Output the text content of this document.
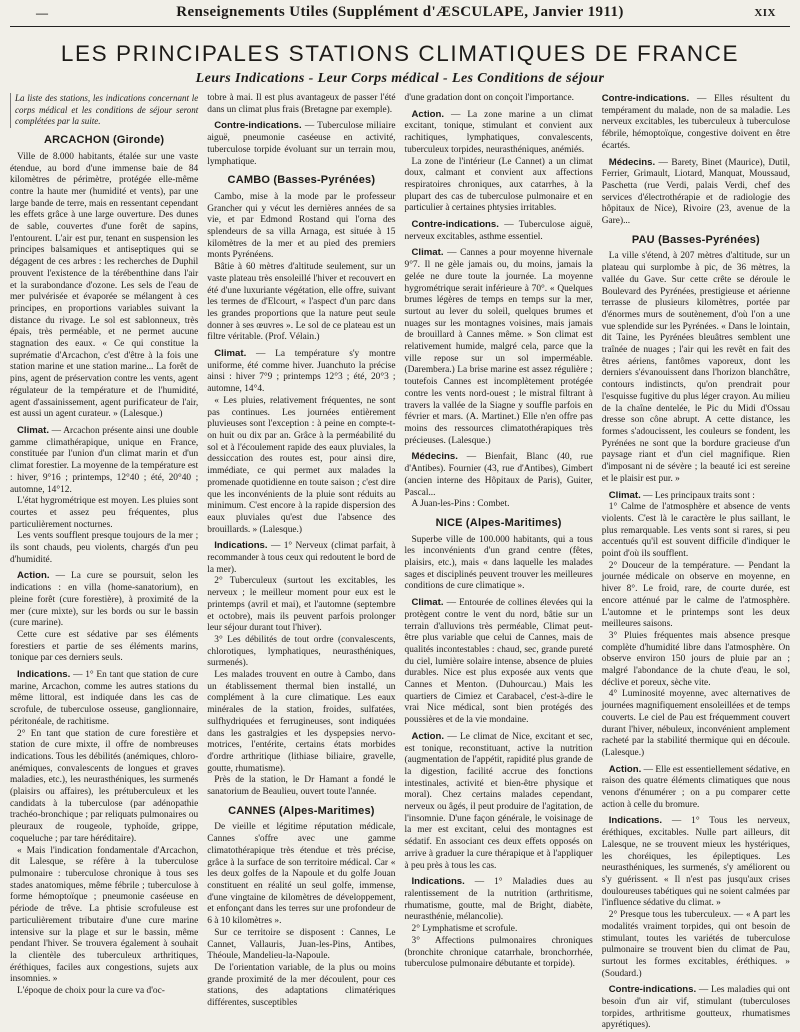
—	Renseignements Utiles (Supplément d'ÆSCULAPE, Janvier 1911)	XIX
LES PRINCIPALES STATIONS CLIMATIQUES DE FRANCE
Leurs Indications - Leur Corps médical - Les Conditions de séjour

La liste des stations, les indications concernant le corps médical et les conditions de séjour seront complétées par la suite.

ARCACHON (Gironde)

Ville de 8.000 habitants, étalée sur une vaste étendue, au bord d'une immense baie de 84 kilomètres de périmètre, protégée elle-même contre la haute mer (humidité et vents), par une large bande de terre, mais en ressentant cependant les effets grâce à une large ouverture. Des dunes de sable, couvertes d'une forêt de sapins, l'entourent. L'air est pur, tenant en suspension les principes balsamiques et antiseptiques qui se dégagent de ces arbres : les recherches de Duphil prouvent l'existence de la térébenthine dans l'air et la surabondance d'ozone. Les sels de l'eau de mer pulvérisée et évaporée se mélangent à ces principes, en proportions variables suivant la distance du rivage. Le sol est sablonneux, très épais, très perméable, et ne permet aucune stagnation des eaux. « Ce qui constitue la suprématie d'Arcachon, c'est d'être à la fois une station marine et une station marine... La forêt de pins, agent de préservation contre les vents, agent régulateur de la température et de l'humidité, agent d'assainissement, agent purificateur de l'air, est aussi un agent curateur. » (Lalesque.)

Climat. — Arcachon présente ainsi une double gamme climathérapique, unique en France, constituée par l'union d'un climat marin et d'un climat forestier. La moyenne de la température est : hiver, 9°16 ; printemps, 12°40 ; été, 20°40 ; automne, 14°12.

L'état hygrométrique est moyen. Les pluies sont courtes et assez peu fréquentes, plus particulièrement nocturnes.

Les vents soufflent presque toujours de la mer ; ils sont chauds, peu violents, chargés d'un peu d'humidité.

Action. — La cure se poursuit, selon les indications : en villa (home-sanatorium), en pleine forêt (cure forestière), à proximité de la mer (cure mixte), sur les bords ou sur le bassin (cure marine).

Cette cure est sédative par ses éléments forestiers et partie de ses éléments marins, tonique par ces derniers seuls.

Indications. — 1° En tant que station de cure marine, Arcachon, comme les autres stations du même littoral, est indiquée dans les cas de scrofule, de tuberculose osseuse, ganglionnaire, péritonéale, de rachitisme.

2° En tant que station de cure forestière et station de cure mixte, il offre de nombreuses indications. Tous les débilités (anémiques, chloro-anémiques, convalescents de longues et graves maladies, etc.), les neurasthéniques, les surmenés (plaisirs ou affaires), les prétuberculeux et les candidats à la tuberculose (par adénopathie trachéo-bronchique ; par reliquats pulmonaires ou pleuraux de rougeole, typhoïde, grippe, coqueluche ; par tare héréditaire).

« Mais l'indication fondamentale d'Arcachon, dit Lalesque, se réfère à la tuberculose pulmonaire : tuberculose chronique à tous ses stades anatomiques, même fébrile ; tuberculose à forme hémoptoïque ; pneumonie caséeuse en période de trêve. La phtisie scrofuleuse est particulièrement tributaire d'une cure marine intensive sur la plage et sur le bassin, même pendant l'hiver. Se trouvera également à souhait la clientèle des tuberculeux arthritiques, éréthiques, faciles aux congestions, sujets aux insomnies. »

L'époque de choix pour la cure va d'oc-

tobre à mai. Il est plus avantageux de passer l'été dans un climat plus frais (Bretagne par exemple).

Contre-indications. — Tuberculose miliaire aiguë, pneumonie caséeuse en activité, tuberculose torpide évoluant sur un terrain mou, lymphatique.

CAMBO (Basses-Pyrénées)

Cambo, mise à la mode par le professeur Grancher qui y vécut les dernières années de sa vie, et par Edmond Rostand qui l'orna des splendeurs de sa villa Arnaga, est située à 15 kilomètres de la mer et au pied des premiers monts Pyrénéens.

Bâtie à 60 mètres d'altitude seulement, sur un vaste plateau très ensoleillé l'hiver et recouvert en été d'une luxuriante végétation, elle offre, suivant les termes de d'Elcourt, « l'aspect d'un parc dans les grandes proportions que la nature peut seule donner à ses œuvres ». Le sol de ce plateau est un filtre véritable. (Prof. Vélain.)

Climat. — La température s'y montre uniforme, été comme hiver. Juanchuto la précise ainsi : hiver 7°9 ; printemps 12°3 ; été, 20°3 ; automne, 14°4.

« Les pluies, relativement fréquentes, ne sont pas continues. Les journées entièrement pluvieuses sont l'exception : à peine en compte-t-on huit ou dix par an. Grâce à la perméabilité du sol et à l'écoulement rapide des eaux pluviales, la dessiccation des routes est, pour ainsi dire, immédiate, ce qui permet aux malades la promenade quotidienne en toute saison ; c'est dire que les inconvénients de la pluie sont réduits au minimum. C'est encore à la rapide dispersion des eaux pluviales qu'est due l'absence des brouillards. » (Lalesque.)

Indications. — 1° Nerveux (climat parfait, à recommander à tous ceux qui redoutent le bord de la mer).

2° Tuberculeux (surtout les excitables, les nerveux ; le meilleur moment pour eux est le printemps (avril et mai), et l'automne (septembre et octobre), mais ils peuvent parfois prolonger leur séjour durant tout l'hiver).

3° Les débilités de tout ordre (convalescents, chlorotiques, lymphatiques, neurasthéniques, surmenés).

Les malades trouvent en outre à Cambo, dans un établissement thermal bien installé, un complément à la cure climatique. Les eaux minérales de la station, froides, sulfatées, sulfhydriquées et ferrugineuses, sont indiquées dans les gastralgies et les dyspepsies nervo-motrices, l'entérite, certains états morbides d'ordre arthritique (lithiase biliaire, gravelle, goutte, rhumatisme).

Près de la station, le Dr Hamant a fondé le sanatorium de Beaulieu, ouvert toute l'année.

CANNES (Alpes-Maritimes)

De vieille et légitime réputation médicale, Cannes s'offre avec une gamme climatothérapique très étendue et très précise, grâce à la surface de son territoire médical. Car « les deux golfes de la Napoule et du golfe Jouan constituent en réalité un seul golfe, immense, d'une vingtaine de kilomètres de développement, et enfonçant dans les terres sur une profondeur de 6 à 10 kilomètres ».

Sur ce territoire se disposent : Cannes, Le Cannet, Vallauris, Juan-les-Pins, Antibes, Théoule, Mandelieu-la-Napoule.

De l'orientation variable, de la plus ou moins grande proximité de la mer découlent, pour ces stations, des adaptations climatériques différentes, susceptibles

d'une gradation dont on conçoit l'importance.

Action. — La zone marine a un climat excitant, tonique, stimulant et convient aux rachitiques, lymphatiques, convalescents, tuberculeux torpides, neurasthéniques, anémiés.

La zone de l'intérieur (Le Cannet) a un climat doux, calmant et convient aux affections respiratoires chroniques, aux catarrhes, à la plupart des cas de tuberculose pulmonaire et en particulier à certaines phtysies irritables.

Contre-indications. — Tuberculose aiguë, nerveux excitables, asthme essentiel.

Climat. — Cannes a pour moyenne hivernale 9°7. Il ne gèle jamais ou, du moins, jamais la gelée ne dure toute la journée. La moyenne hygrométrique serait inférieure à 70°. « Quelques brumes légères de temps en temps sur la mer, surtout au lever du soleil, quelques brumes et nuages sur les montagnes voisines, mais jamais de brouillard à Cannes même. » Son climat est relativement humide, malgré cela, parce que la ville repose sur un sol imperméable. (Darembera.) La brise marine est assez régulière ; toutefois Cannes est incomplètement protégée contre les vents nord-ouest ; le mistral filtrant à travers la vallée de la Siagne y souffle parfois en février et mars. (A. Martinet.) Elle n'en offre pas moins des ressources climatothérapiques très précieuses. (Lalesque.)

Médecins. — Bienfait, Blanc (40, rue d'Antibes). Fournier (43, rue d'Antibes), Gimbert (ancien interne des Hôpitaux de Paris), Guiter, Pascal...

A Juan-les-Pins : Combet.

NICE (Alpes-Maritimes)

Superbe ville de 100.000 habitants, qui a tous les inconvénients d'un grand centre (fêtes, plaisirs, etc.), mais « dans laquelle les malades sages et disciplinés peuvent trouver les meilleures conditions de cure climatique ».

Climat. — Entourée de collines élevées qui la protègent contre le vent du nord, bâtie sur un terrain d'alluvions très perméable, Climat peut-être plus variable que celui de Cannes, mais de qualités incontestables : chaud, sec, grande pureté du ciel, lumière solaire intense, absence de pluies durables. Nice est plus exposée aux vents que Cannes et Menton. (Duhourcau.) Mais les quartiers de Cimiez et Carabacel, c'est-à-dire le vrai Nice médical, sont bien protégés des poussières et de la vie mondaine.

Action. — Le climat de Nice, excitant et sec, est tonique, reconstituant, active la nutrition (augmentation de l'appétit, rapidité plus grande de la digestion, facilité accrue des fonctions intestinales, activité et bien-être physique et moral). Chez certains malades cependant, nerveux ou âgés, il peut produire de l'agitation, de l'insomnie. D'une façon générale, le voisinage de la mer est excitant, celui des montagnes est sédatif. En associant ces deux effets opposés on arrive à graduer la cure thérapique et à l'appliquer à peu près à tous les cas.

Indications. — 1° Maladies dues au ralentissement de la nutrition (arthritisme, rhumatisme, goutte, mal de Bright, diabète, neurasthénie, mélancolie).

2° Lymphatisme et scrofule.

3° Affections pulmonaires chroniques (bronchite chronique catarrhale, bronchorrhée, tuberculose pulmonaire débutante et torpide).

Contre-indications. — Elles résultent du tempérament du malade, non de sa maladie. Les nerveux excitables, les tuberculeux à tuberculose fébrile, hémoptoïque, congestive doivent en être écartés.

Médecins. — Barety, Binet (Maurice), Dutil, Ferrier, Grimault, Liotard, Manquat, Moussaud, Paschetta (rue Verdi, palais Verdi, chef des services d'électrothérapie et de radiologie des hôpitaux de Nice), Rivoire (23, avenue de la Gare)...

PAU (Basses-Pyrénées)

La ville s'étend, à 207 mètres d'altitude, sur un plateau qui surplombe à pic, de 36 mètres, la vallée du Gave. Sur cette crête se déroule le Boulevard des Pyrénées, prestigieuse et aérienne terrasse de plusieurs kilomètres, portée par d'énormes murs de soutènement, d'où l'on a une vue splendide sur les Pyrénées. « Dans le lointain, dit Taine, les Pyrénées bleuâtres semblent une traînée de nuages ; l'air qui les revêt en fait des êtres aériens, fantômes vaporeux, dont les derniers s'évanouissent dans l'horizon blanchâtre, contours indistincts, qu'on prendrait pour l'esquisse fugitive du plus léger crayon. Au milieu de la chaîne dentelée, le Pic du Midi d'Ossau dresse son cône abrupt. A cette distance, les formes s'adoucissent, les couleurs se fondent, les Pyrénées ne sont que la bordure gracieuse d'un paysage riant et d'un ciel magnifique. Rien d'imposant ni de sévère ; la beauté ici est sereine et le plaisir est pur. »

Climat. — Les principaux traits sont :

1° Calme de l'atmosphère et absence de vents violents. C'est là le caractère le plus saillant, le plus remarquable. Les vents sont si rares, si peu accentués qu'il est souvent difficile d'indiquer le point d'où ils soufflent.

2° Douceur de la température. — Pendant la journée médicale on observe en moyenne, en hiver 8°. Le froid, rare, de courte durée, est encore atténué par le calme de l'atmosphère. L'automne et le printemps sont les deux meilleures saisons.

3° Pluies fréquentes mais absence presque complète d'humidité libre dans l'atmosphère. On observe environ 150 jours de pluie par an ; malgré l'abondance de la chute d'eau, le sol, déclive et poreux, sèche vite.

4° Luminosité moyenne, avec alternatives de journées magnifiquement ensoleillées et de temps couverts. Le ciel de Pau est fréquemment couvert durant l'hiver, nébuleux, inconvénient amplement racheté par la stabilité thermique qui en découle. (Lalesque.)

Action. — Elle est essentiellement sédative, en raison des quatre éléments climatiques que nous venons d'énumérer ; on a pu comparer cette action à celle du bromure.

Indications. — 1° Tous les nerveux, éréthiques, excitables. Nulle part ailleurs, dit Lalesque, ne se trouvent mieux les hystériques, les choréiques, les épileptiques. Les neurasthéniques, les surmenés, s'y améliorent ou s'y guérissent. « Il n'est pas jusqu'aux crises douloureuses tabétiques qui ne soient calmées par l'influence sédative du climat. »

2° Presque tous les tuberculeux. — « A part les modalités vraiment torpides, qui ont besoin de stimulant, toutes les variétés de tuberculose pulmonaire se trouvent bien du climat de Pau, surtout les formes excitables, éréthiques. » (Soudard.)

Contre-indications. — Les maladies qui ont besoin d'un air vif, stimulant (tuberculoses torpides, arthritisme goutteux, rhumatismes apyrétiques).
